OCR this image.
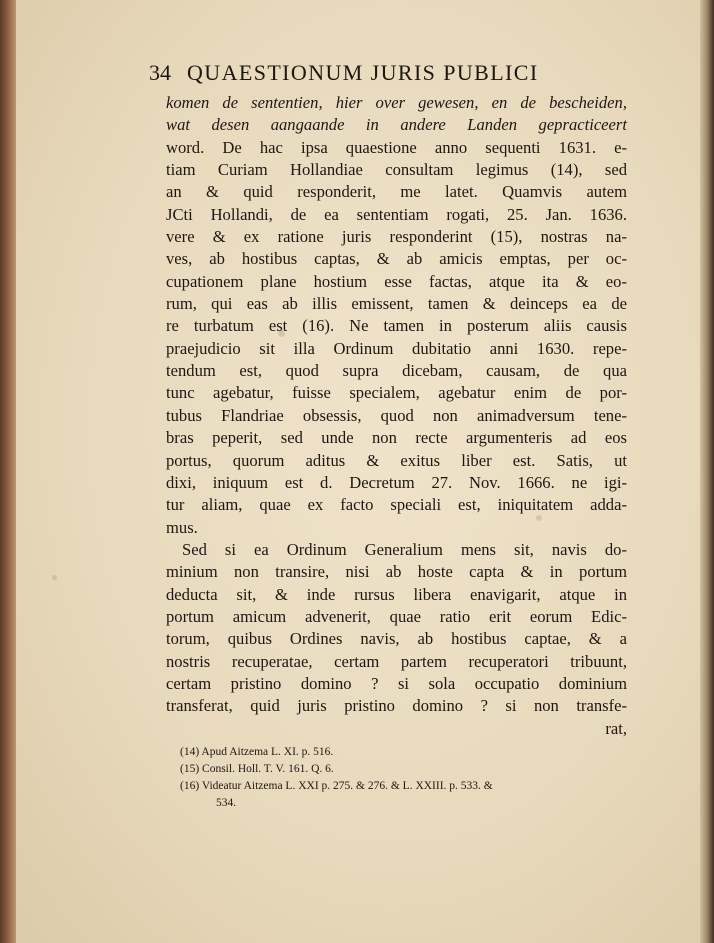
34 QUAESTIONUM JURIS PUBLICI
komen de sententien, hier over gewesen, en de bescheiden,
wat desen aangaande in andere Landen gepracticeert
word. De hac ipsa quaestione anno sequenti 1631. e-
tiam Curiam Hollandiae consultam legimus (14), sed
an & quid responderit, me latet. Quamvis autem
JCti Hollandi, de ea sententiam rogati, 25. Jan. 1636.
vere & ex ratione juris responderint (15), nostras na-
ves, ab hostibus captas, & ab amicis emptas, per oc-
cupationem plane hostium esse factas, atque ita & eo-
rum, qui eas ab illis emissent, tamen & deinceps ea de
re turbatum est (16). Ne tamen in posterum aliis causis
praejudicio sit illa Ordinum dubitatio anni 1630. repe-
tendum est, quod supra dicebam, causam, de qua
tunc agebatur, fuisse specialem, agebatur enim de por-
tubus Flandriae obsessis, quod non animadversum tene-
bras peperit, sed unde non recte argumenteris ad eos
portus, quorum aditus & exitus liber est. Satis, ut
dixi, iniquum est d. Decretum 27. Nov. 1666. ne igi-
tur aliam, quae ex facto speciali est, iniquitatem adda-
mus.
Sed si ea Ordinum Generalium mens sit, navis do-
minium non transire, nisi ab hoste capta & in portum
deducta sit, & inde rursus libera enavigarit, atque in
portum amicum advenerit, quae ratio erit eorum Edic-
torum, quibus Ordines navis, ab hostibus captae, & a
nostris recuperatae, certam partem recuperatori tribuunt,
certam pristino domino ? si sola occupatio dominium
transferat, quid juris pristino domino ? si non transfe-
rat,
(14) Apud Aitzema L. XI. p. 516.
(15) Consil. Holl. T. V. 161. Q. 6.
(16) Videatur Aitzema L. XXI p. 275. & 276. & L. XXIII. p. 533. &
534.
